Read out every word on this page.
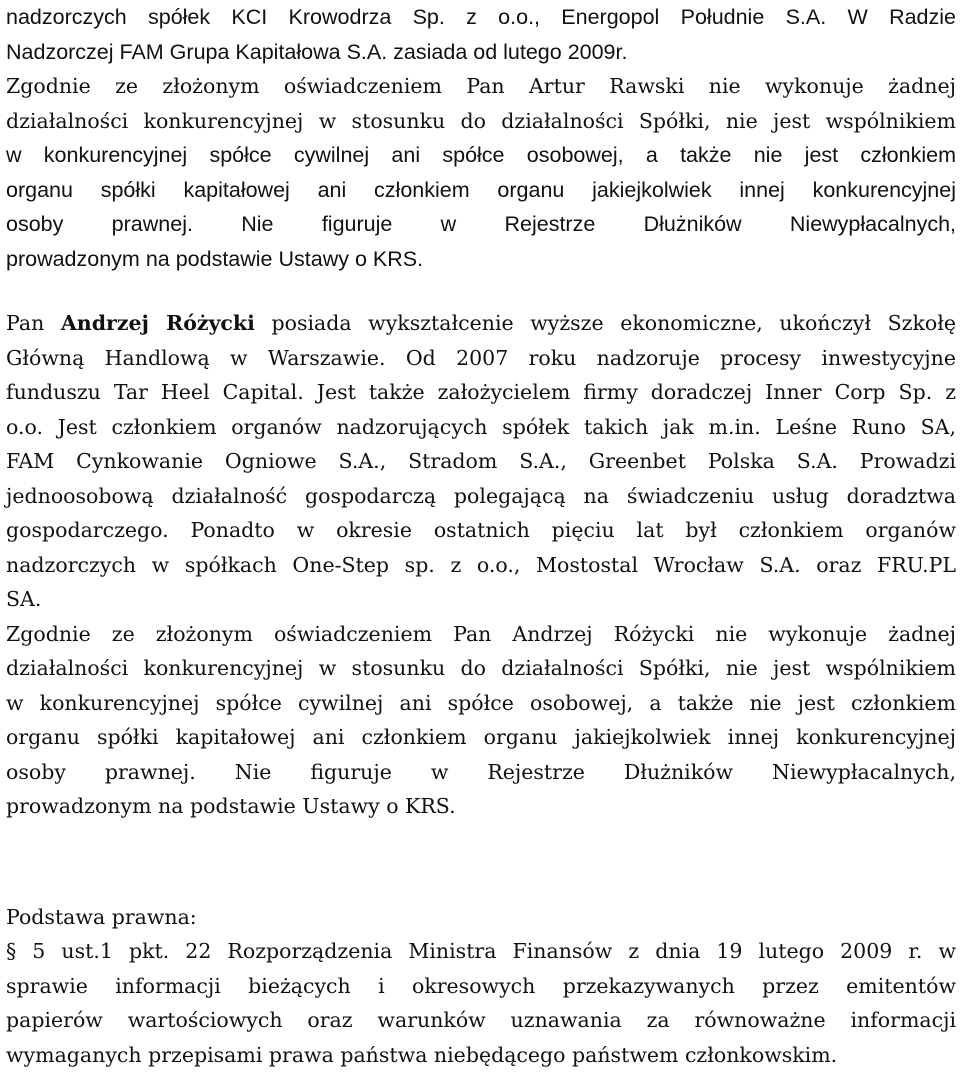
nadzorczych spółek KCI Krowodrza Sp. z o.o., Energopol Południe S.A. W Radzie
Nadzorczej FAM Grupa Kapitałowa S.A. zasiada od lutego 2009r.
Zgodnie ze złożonym oświadczeniem Pan Artur Rawski nie wykonuje żadnej
działalności konkurencyjnej w stosunku do działalności Spółki, nie jest wspólnikiem
w konkurencyjnej spółce cywilnej ani spółce osobowej, a także nie jest członkiem
organu spółki kapitałowej ani członkiem organu jakiejkolwiek innej konkurencyjnej
osoby prawnej. Nie figuruje w Rejestrze Dłużników Niewypłacalnych,
prowadzonym na podstawie Ustawy o KRS.
Pan Andrzej Różycki posiada wykształcenie wyższe ekonomiczne, ukończył Szkołę
Główną Handlową w Warszawie. Od 2007 roku nadzoruje procesy inwestycyjne
funduszu Tar Heel Capital. Jest także założycielem firmy doradczej Inner Corp Sp. z
o.o. Jest członkiem organów nadzorujących spółek takich jak m.in. Leśne Runo SA,
FAM Cynkowanie Ogniowe S.A., Stradom S.A., Greenbet Polska S.A. Prowadzi
jednoosobową działalność gospodarczą polegającą na świadczeniu usług doradztwa
gospodarczego. Ponadto w okresie ostatnich pięciu lat był członkiem organów
nadzorczych w spółkach One-Step sp. z o.o., Mostostal Wrocław S.A. oraz FRU.PL
SA.
Zgodnie ze złożonym oświadczeniem Pan Andrzej Różycki nie wykonuje żadnej
działalności konkurencyjnej w stosunku do działalności Spółki, nie jest wspólnikiem
w konkurencyjnej spółce cywilnej ani spółce osobowej, a także nie jest członkiem
organu spółki kapitałowej ani członkiem organu jakiejkolwiek innej konkurencyjnej
osoby prawnej. Nie figuruje w Rejestrze Dłużników Niewypłacalnych,
prowadzonym na podstawie Ustawy o KRS.
Podstawa prawna:
§ 5 ust.1 pkt. 22 Rozporządzenia Ministra Finansów z dnia 19 lutego 2009 r. w
sprawie informacji bieżących i okresowych przekazywanych przez emitentów
papierów wartościowych oraz warunków uznawania za równoważne informacji
wymaganych przepisami prawa państwa niebędącego państwem członkowskim.
